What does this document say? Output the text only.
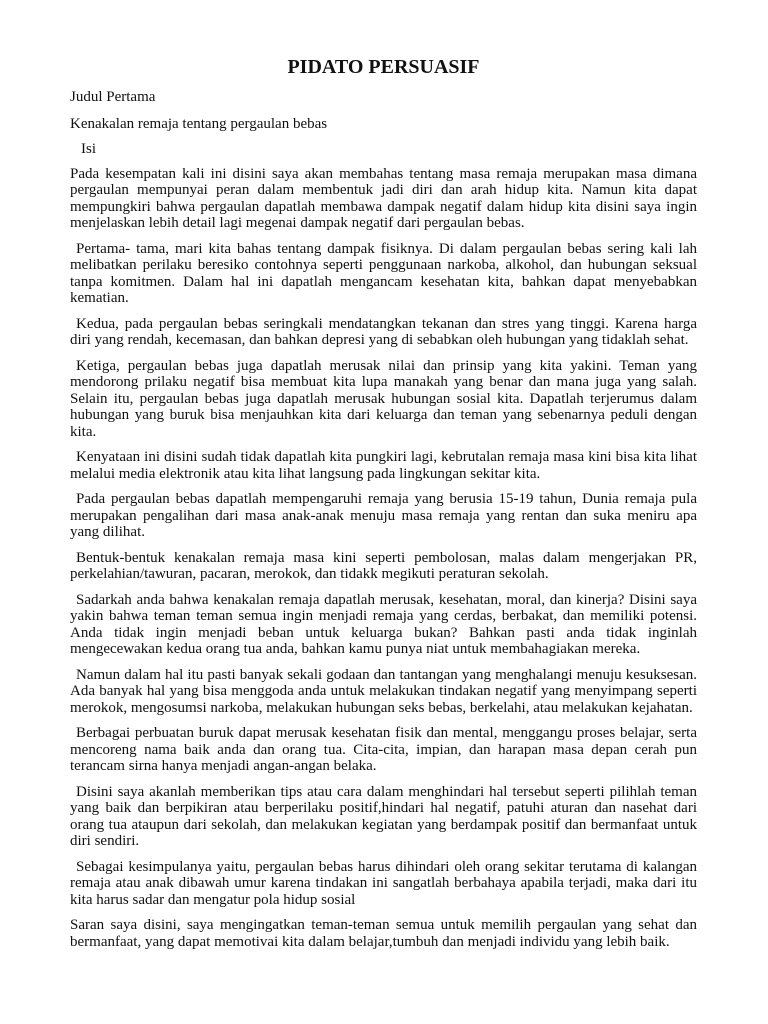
PIDATO PERSUASIF
Judul Pertama
Kenakalan remaja tentang pergaulan bebas
Isi
Pada kesempatan kali ini disini saya akan membahas tentang masa remaja merupakan masa dimana
pergaulan mempunyai peran dalam membentuk jadi diri dan arah hidup kita. Namun kita dapat
mempungkiri bahwa pergaulan dapatlah membawa dampak negatif dalam hidup kita disini saya ingin
menjelaskan lebih detail lagi megenai dampak negatif dari pergaulan bebas.
Pertama- tama, mari kita bahas tentang dampak fisiknya. Di dalam pergaulan bebas sering kali lah
melibatkan perilaku beresiko contohnya seperti penggunaan narkoba, alkohol, dan hubungan seksual
tanpa komitmen. Dalam hal ini dapatlah mengancam kesehatan kita, bahkan dapat menyebabkan
kematian.
Kedua, pada pergaulan bebas seringkali mendatangkan tekanan dan stres yang tinggi. Karena harga
diri yang rendah, kecemasan, dan bahkan depresi yang di sebabkan oleh hubungan yang tidaklah sehat.
Ketiga, pergaulan bebas juga dapatlah merusak nilai dan prinsip yang kita yakini. Teman yang
mendorong prilaku negatif bisa membuat kita lupa manakah yang benar dan mana juga yang salah.
Selain itu, pergaulan bebas juga dapatlah merusak hubungan sosial kita. Dapatlah terjerumus dalam
hubungan yang buruk bisa menjauhkan kita dari keluarga dan teman yang sebenarnya peduli dengan
kita.
Kenyataan ini disini sudah tidak dapatlah kita pungkiri lagi, kebrutalan remaja masa kini bisa kita lihat
melalui media elektronik atau kita lihat langsung pada lingkungan sekitar kita.
Pada pergaulan bebas dapatlah mempengaruhi remaja yang berusia 15-19 tahun, Dunia remaja pula
merupakan pengalihan dari masa anak-anak menuju masa remaja yang rentan dan suka meniru apa
yang dilihat.
Bentuk-bentuk kenakalan remaja masa kini seperti pembolosan, malas dalam mengerjakan PR,
perkelahian/tawuran, pacaran, merokok, dan tidakk megikuti peraturan sekolah.
Sadarkah anda bahwa kenakalan remaja dapatlah merusak, kesehatan, moral, dan kinerja? Disini saya
yakin bahwa teman teman semua ingin menjadi remaja yang cerdas, berbakat, dan memiliki potensi.
Anda tidak ingin menjadi beban untuk keluarga bukan? Bahkan pasti anda tidak inginlah
mengecewakan kedua orang tua anda, bahkan kamu punya niat untuk membahagiakan mereka.
Namun dalam hal itu pasti banyak sekali godaan dan tantangan yang menghalangi menuju kesuksesan.
Ada banyak hal yang bisa menggoda anda untuk melakukan tindakan negatif yang menyimpang seperti
merokok, mengosumsi narkoba, melakukan hubungan seks bebas, berkelahi, atau melakukan kejahatan.
Berbagai perbuatan buruk dapat merusak kesehatan fisik dan mental, menggangu proses belajar, serta
mencoreng nama baik anda dan orang tua. Cita-cita, impian, dan harapan masa depan cerah pun
terancam sirna hanya menjadi angan-angan belaka.
Disini saya akanlah memberikan tips atau cara dalam menghindari hal tersebut seperti pilihlah teman
yang baik dan berpikiran atau berperilaku positif,hindari hal negatif, patuhi aturan dan nasehat dari
orang tua ataupun dari sekolah, dan melakukan kegiatan yang berdampak positif dan bermanfaat untuk
diri sendiri.
Sebagai kesimpulanya yaitu, pergaulan bebas harus dihindari oleh orang sekitar terutama di kalangan
remaja atau anak dibawah umur karena tindakan ini sangatlah berbahaya apabila terjadi, maka dari itu
kita harus sadar dan mengatur pola hidup sosial
Saran saya disini, saya mengingatkan teman-teman semua untuk memilih pergaulan yang sehat dan
bermanfaat, yang dapat memotivai kita dalam belajar,tumbuh dan menjadi individu yang lebih baik.
